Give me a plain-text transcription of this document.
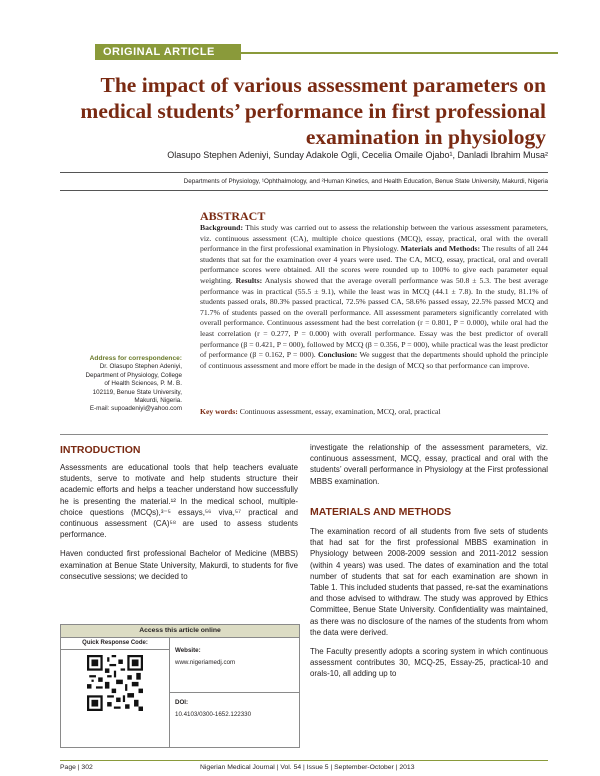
ORIGINAL ARTICLE
The impact of various assessment parameters on medical students’ performance in first professional examination in physiology
Olasupo Stephen Adeniyi, Sunday Adakole Ogli, Cecelia Omaile Ojabo¹, Danladi Ibrahim Musa²
Departments of Physiology, ¹Ophthalmology, and ²Human Kinetics, and Health Education, Benue State University, Makurdi, Nigeria
ABSTRACT
Background: This study was carried out to assess the relationship between the various assessment parameters, viz. continuous assessment (CA), multiple choice questions (MCQ), essay, practical, oral with the overall performance in the first professional examination in Physiology. Materials and Methods: The results of all 244 students that sat for the examination over 4 years were used. The CA, MCQ, essay, practical, oral and overall performance scores were obtained. All the scores were rounded up to 100% to give each parameter equal weighting. Results: Analysis showed that the average overall performance was 50.8 ± 5.3. The best average performance was in practical (55.5 ± 9.1), while the least was in MCQ (44.1 ± 7.8). In the study, 81.1% of students passed orals, 80.3% passed practical, 72.5% passed CA, 58.6% passed essay, 22.5% passed MCQ and 71.7% of students passed on the overall performance. All assessment parameters significantly correlated with overall performance. Continuous assessment had the best correlation (r = 0.801, P = 0.000), while oral had the least correlation (r = 0.277, P = 0.000) with overall performance. Essay was the best predictor of overall performance (β = 0.421, P = 000), followed by MCQ (β = 0.356, P = 000), while practical was the least predictor of performance (β = 0.162, P = 000). Conclusion: We suggest that the departments should uphold the principle of continuous assessment and more effort be made in the design of MCQ so that performance can improve.
Key words: Continuous assessment, essay, examination, MCQ, oral, practical
Address for correspondence:
Dr. Olasupo Stephen Adeniyi,
Department of Physiology, College
of Health Sciences, P. M. B.
102119, Benue State University,
Makurdi, Nigeria.
E-mail: supoadeniyi@yahoo.com
INTRODUCTION

Assessments are educational tools that help teachers evaluate students, serve to motivate and help students structure their academic efforts and helps a teacher understand how successfully he is presenting the material.¹² In the medical school, multiple-choice questions (MCQs),³⁻⁵ essays,⁵⁶ viva,⁵⁷ practical and continuous assessment (CA)⁵⁸ are used to assess students performance.

Haven conducted first professional Bachelor of Medicine (MBBS) examination at Benue State University, Makurdi, to students for five consecutive sessions; we decided to

Access this article online
Quick Response Code:
Website:
www.nigeriamedj.com
DOI:
10.4103/0300-1652.122330

investigate the relationship of the assessment parameters, viz. continuous assessment, MCQ, essay, practical and oral with the students’ overall performance in Physiology at the First professional MBBS examination.

MATERIALS AND METHODS

The examination record of all students from five sets of students that had sat for the first professional MBBS examination in Physiology between 2008-2009 session and 2011-2012 session (within 4 years) was used. The dates of examination and the total number of students that sat for each examination are shown in Table 1. This included students that passed, re-sat the examinations and those advised to withdraw. The study was approved by Ethics Committee, Benue State University. Confidentiality was maintained, as there was no disclosure of the names of the students from whom the data were derived.

The Faculty presently adopts a scoring system in which continuous assessment contributes 30, MCQ-25, Essay-25, practical-10 and orals-10, all adding up to

Page | 302	Nigerian Medical Journal | Vol. 54 | Issue 5 | September-October | 2013
